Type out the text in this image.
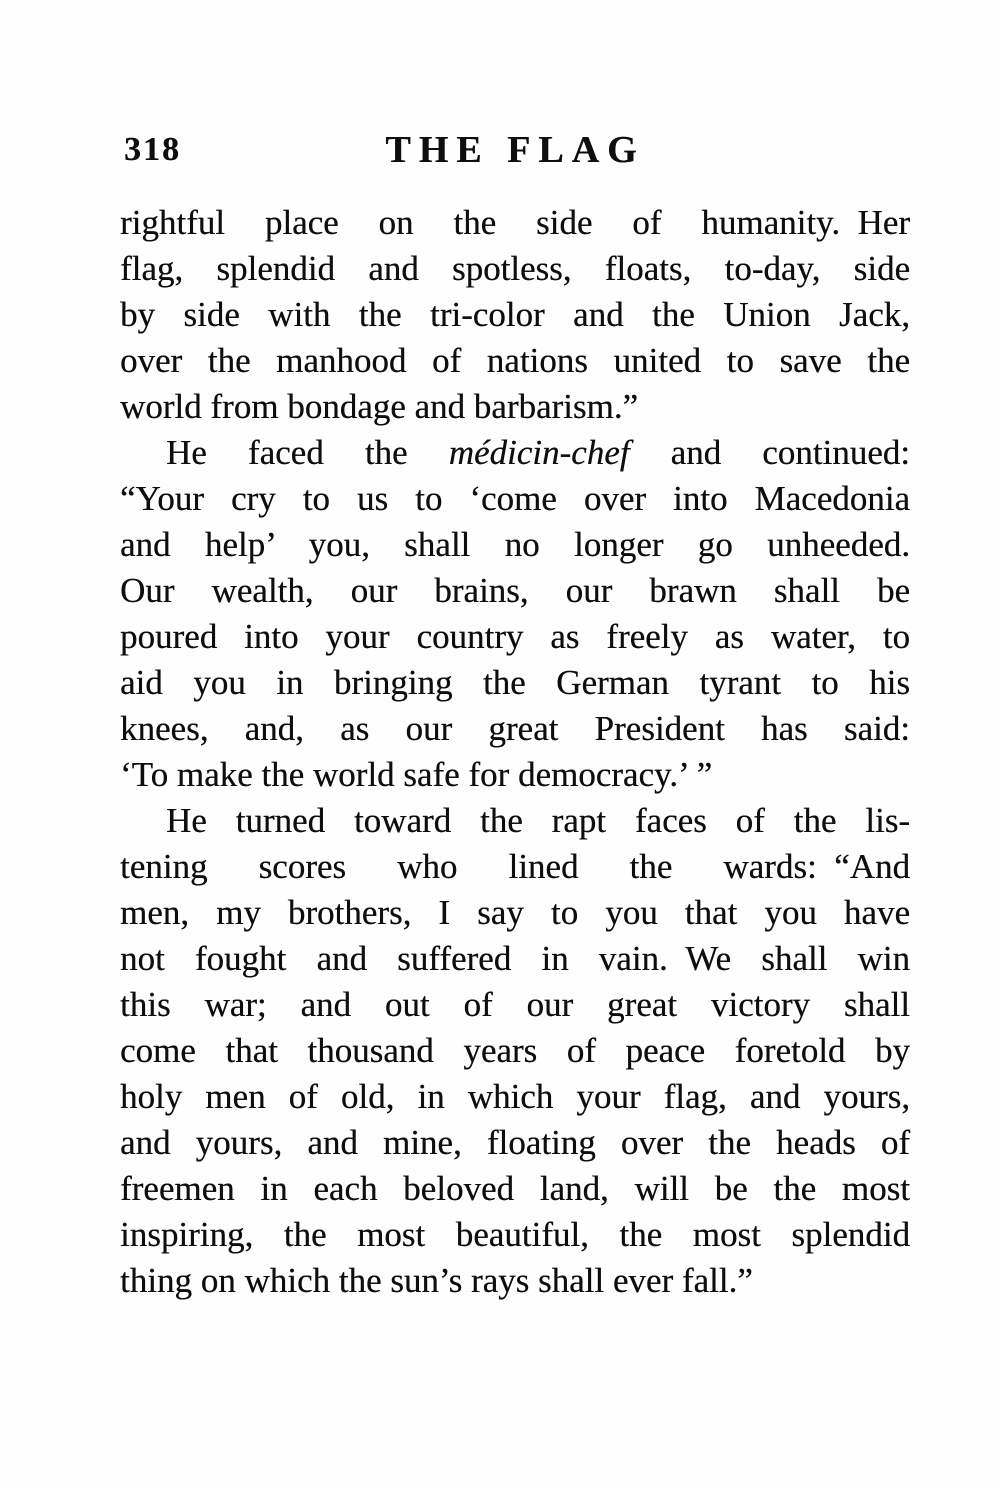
318	THE FLAG
rightful place on the side of humanity. Her
flag, splendid and spotless, floats, to-day, side
by side with the tri-color and the Union Jack,
over the manhood of nations united to save the
world from bondage and barbarism.”
He faced the médicin-chef and continued:
“Your cry to us to ‘come over into Macedonia
and help’ you, shall no longer go unheeded.
Our wealth, our brains, our brawn shall be
poured into your country as freely as water, to
aid you in bringing the German tyrant to his
knees, and, as our great President has said:
‘To make the world safe for democracy.’ ”
He turned toward the rapt faces of the lis-
tening scores who lined the wards: “And
men, my brothers, I say to you that you have
not fought and suffered in vain. We shall win
this war; and out of our great victory shall
come that thousand years of peace foretold by
holy men of old, in which your flag, and yours,
and yours, and mine, floating over the heads of
freemen in each beloved land, will be the most
inspiring, the most beautiful, the most splendid
thing on which the sun’s rays shall ever fall.”
